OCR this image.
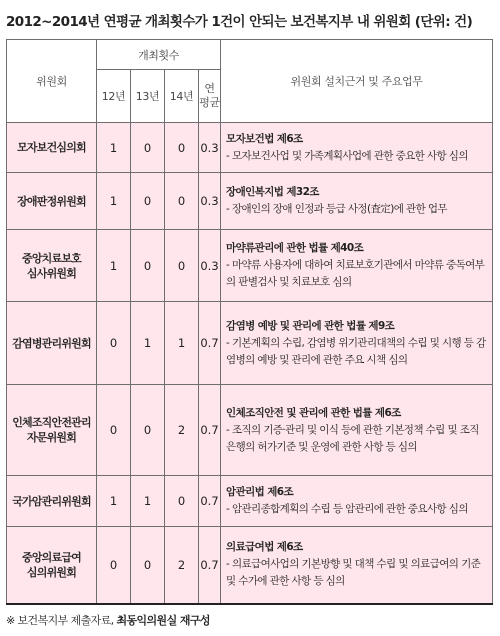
2012~2014년 연평균 개최횟수가 1건이 안되는 보건복지부 내 위원회 (단위: 건)
위원회	개최횟수				위원회 설치근거 및 주요업무
	12년	13년	14년	연
평균	
모자보건심의회	1	0	0	0.3	모자보건법 제6조
- 모자보건사업 및 가족계획사업에 관한 중요한 사항 심의

장애판정위원회	1	0	0	0.3	장애인복지법 제32조
- 장애인의 장애 인정과 등급 사정(査定)에 관한 업무

중앙치료보호
심사위원회	1	0	0	0.3	마약류관리에 관한 법률 제40조
- 마약류 사용자에 대하여 치료보호기관에서 마약류 중독여부의 판별검사 및 치료보호 심의

감염병관리위원회	0	1	1	0.7	감염병 예방 및 관리에 관한 법률 제9조
- 기본계획의 수립, 감염병 위기관리대책의 수립 및 시행 등 감염병의 예방 및 관리에 관한 주요 시책 심의

인체조직안전관리
자문위원회	0	0	2	0.7	인체조직안전 및 관리에 관한 법률 제6조
- 조직의 기증·관리 및 이식 등에 관한 기본정책 수립 및 조직은행의 허가기준 및 운영에 관한 사항 등 심의

국가암관리위원회	1	1	0	0.7	암관리법 제6조
- 암관리종합계획의 수립 등 암관리에 관한 중요사항 심의

중앙의료급여
심의위원회	0	0	2	0.7	의료급여법 제6조
- 의료급여사업의 기본방향 및 대책 수립 및 의료급여의 기준 및 수가에 관한 사항 등 심의
※ 보건복지부 제출자료, 최동익의원실 재구성
